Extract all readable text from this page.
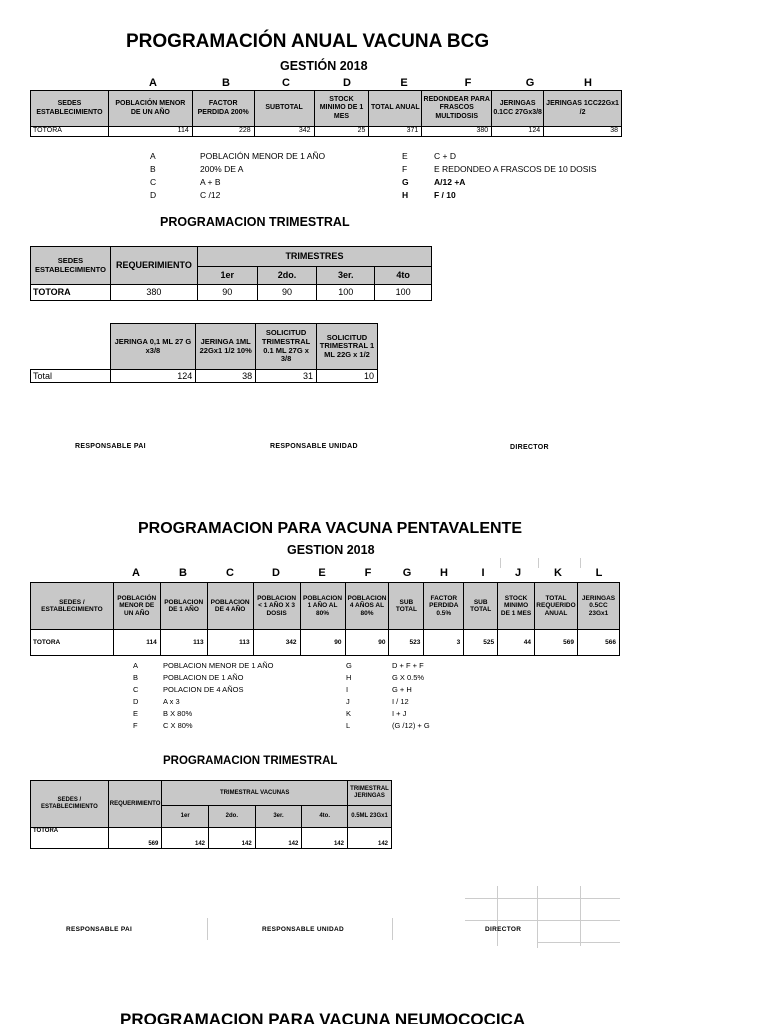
PROGRAMACIÓN ANUAL VACUNA BCG
GESTIÓN 2018
A	B	C	D	E	F	G	H
SEDES ESTABLECIMIENTO	POBLACIÓN MENOR DE UN AÑO	FACTOR PERDIDA 200%	SUBTOTAL	STOCK MINIMO DE 1 MES	TOTAL ANUAL	REDONDEAR PARA FRASCOS MULTIDOSIS	JERINGAS 0.1CC 27Gx3/8	JERINGAS 1CC22Gx1 /2
TOTORA	114	228	342	25	371	380	124	38
A	POBLACIÓN MENOR DE 1 AÑO
B	200% DE A
C	A + B
D	C /12
E	C + D
F	E REDONDEO A FRASCOS DE 10 DOSIS
G	A/12 +A
H	F / 10
PROGRAMACION TRIMESTRAL
SEDES ESTABLECIMIENTO	REQUERIMIENTO	TRIMESTRES			
		1er	2do.	3er.	4to
TOTORA	380	90	90	100	100
	JERINGA 0,1 ML 27 G x3/8	JERINGA 1ML 22Gx1 1/2 10%	SOLICITUD TRIMESTRAL 0.1 ML 27G x 3/8	SOLICITUD TRIMESTRAL 1 ML 22G x 1/2
Total	124	38	31	10
RESPONSABLE PAI	RESPONSABLE UNIDAD	DIRECTOR
PROGRAMACION PARA VACUNA PENTAVALENTE
GESTION 2018
A	B	C	D	E	F	G	H	I	J	K	L
SEDES / ESTABLECIMIENTO	POBLACIÓN MENOR DE UN AÑO	POBLACION DE 1 AÑO	POBLACION DE 4 AÑO	POBLACION < 1 AÑO X 3 DOSIS	POBLACION 1 AÑO AL 80%	POBLACION 4 AÑOS AL 80%	SUB TOTAL	FACTOR PERDIDA 0.5%	SUB TOTAL	STOCK MINIMO DE 1 MES	TOTAL REQUERIDO ANUAL	JERINGAS 0.5CC 23Gx1
TOTORA	114	113	113	342	90	90	523	3	525	44	569	566
A	POBLACION MENOR DE 1 AÑO
B	POBLACION DE 1 AÑO
C	POLACION DE 4 AÑOS
D	A x 3
E	B X 80%
F	C X 80%
G	D + F + F
H	G X 0.5%
I	G + H
J	I / 12
K	I + J
L	(G /12) + G
PROGRAMACION TRIMESTRAL
SEDES / ESTABLECIMIENTO	REQUERIMIENTO	TRIMESTRAL VACUNAS				TRIMESTRAL JERINGAS
		1er	2do.	3er.	4to.	0.5ML 23Gx1
TOTORA	569	142	142	142	142	142
RESPONSABLE PAI	RESPONSABLE UNIDAD	DIRECTOR
PROGRAMACION PARA VACUNA NEUMOCOCICA
